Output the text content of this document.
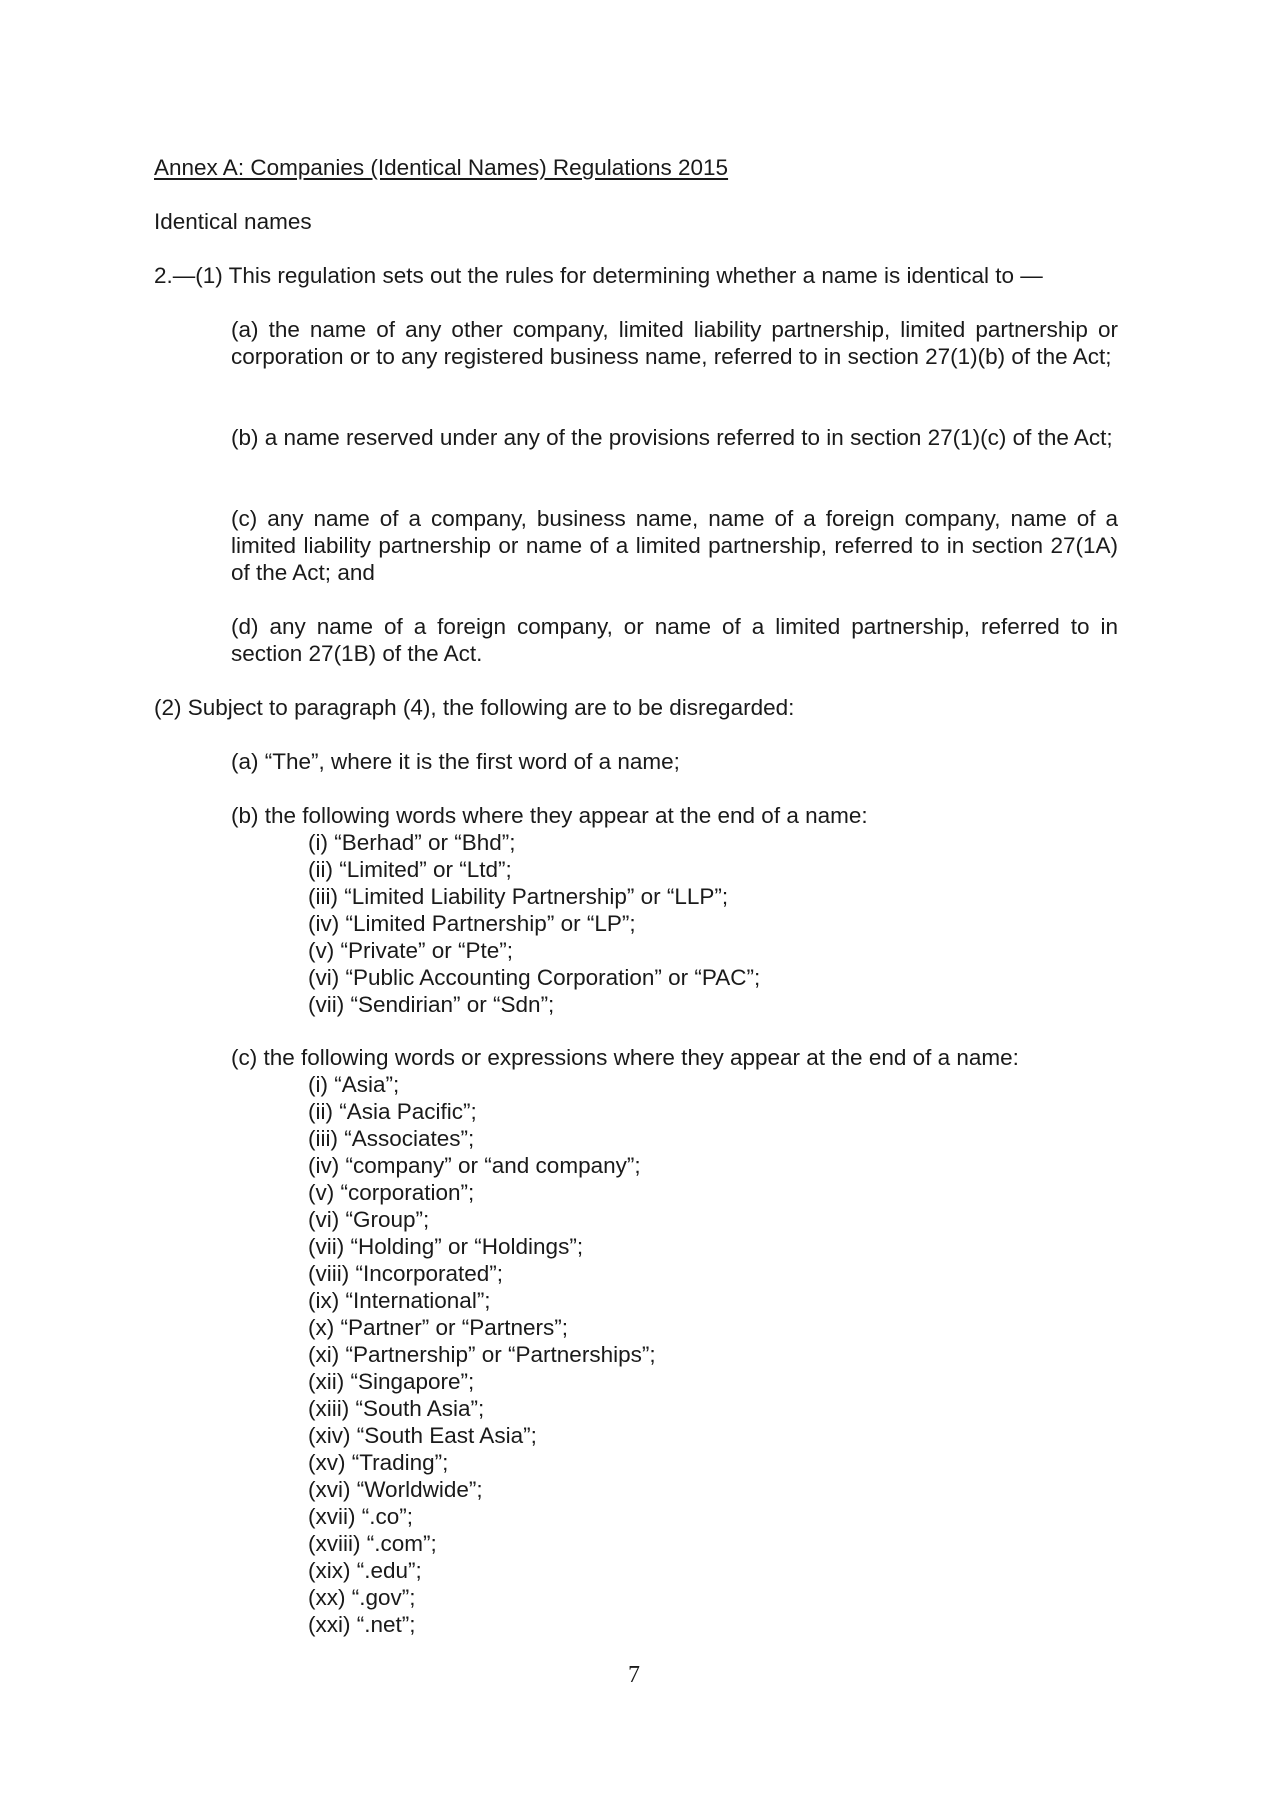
Annex A: Companies (Identical Names) Regulations 2015
Identical names
2.—(1) This regulation sets out the rules for determining whether a name is identical to —

(a) the name of any other company, limited liability partnership, limited partnership or corporation or to any registered business name, referred to in section 27(1)(b) of the Act;

(b) a name reserved under any of the provisions referred to in section 27(1)(c) of the Act;

(c) any name of a company, business name, name of a foreign company, name of a limited liability partnership or name of a limited partnership, referred to in section 27(1A) of the Act; and

(d) any name of a foreign company, or name of a limited partnership, referred to in section 27(1B) of the Act.

(2) Subject to paragraph (4), the following are to be disregarded:
(a) “The”, where it is the first word of a name;
(b) the following words where they appear at the end of a name:
(i) “Berhad” or “Bhd”;
(ii) “Limited” or “Ltd”;
(iii) “Limited Liability Partnership” or “LLP”;
(iv) “Limited Partnership” or “LP”;
(v) “Private” or “Pte”;
(vi) “Public Accounting Corporation” or “PAC”;
(vii) “Sendirian” or “Sdn”;
(c) the following words or expressions where they appear at the end of a name:
(i) “Asia”;
(ii) “Asia Pacific”;
(iii) “Associates”;
(iv) “company” or “and company”;
(v) “corporation”;
(vi) “Group”;
(vii) “Holding” or “Holdings”;
(viii) “Incorporated”;
(ix) “International”;
(x) “Partner” or “Partners”;
(xi) “Partnership” or “Partnerships”;
(xii) “Singapore”;
(xiii) “South Asia”;
(xiv) “South East Asia”;
(xv) “Trading”;
(xvi) “Worldwide”;
(xvii) “.co”;
(xviii) “.com”;
(xix) “.edu”;
(xx) “.gov”;
(xxi) “.net”;
7
